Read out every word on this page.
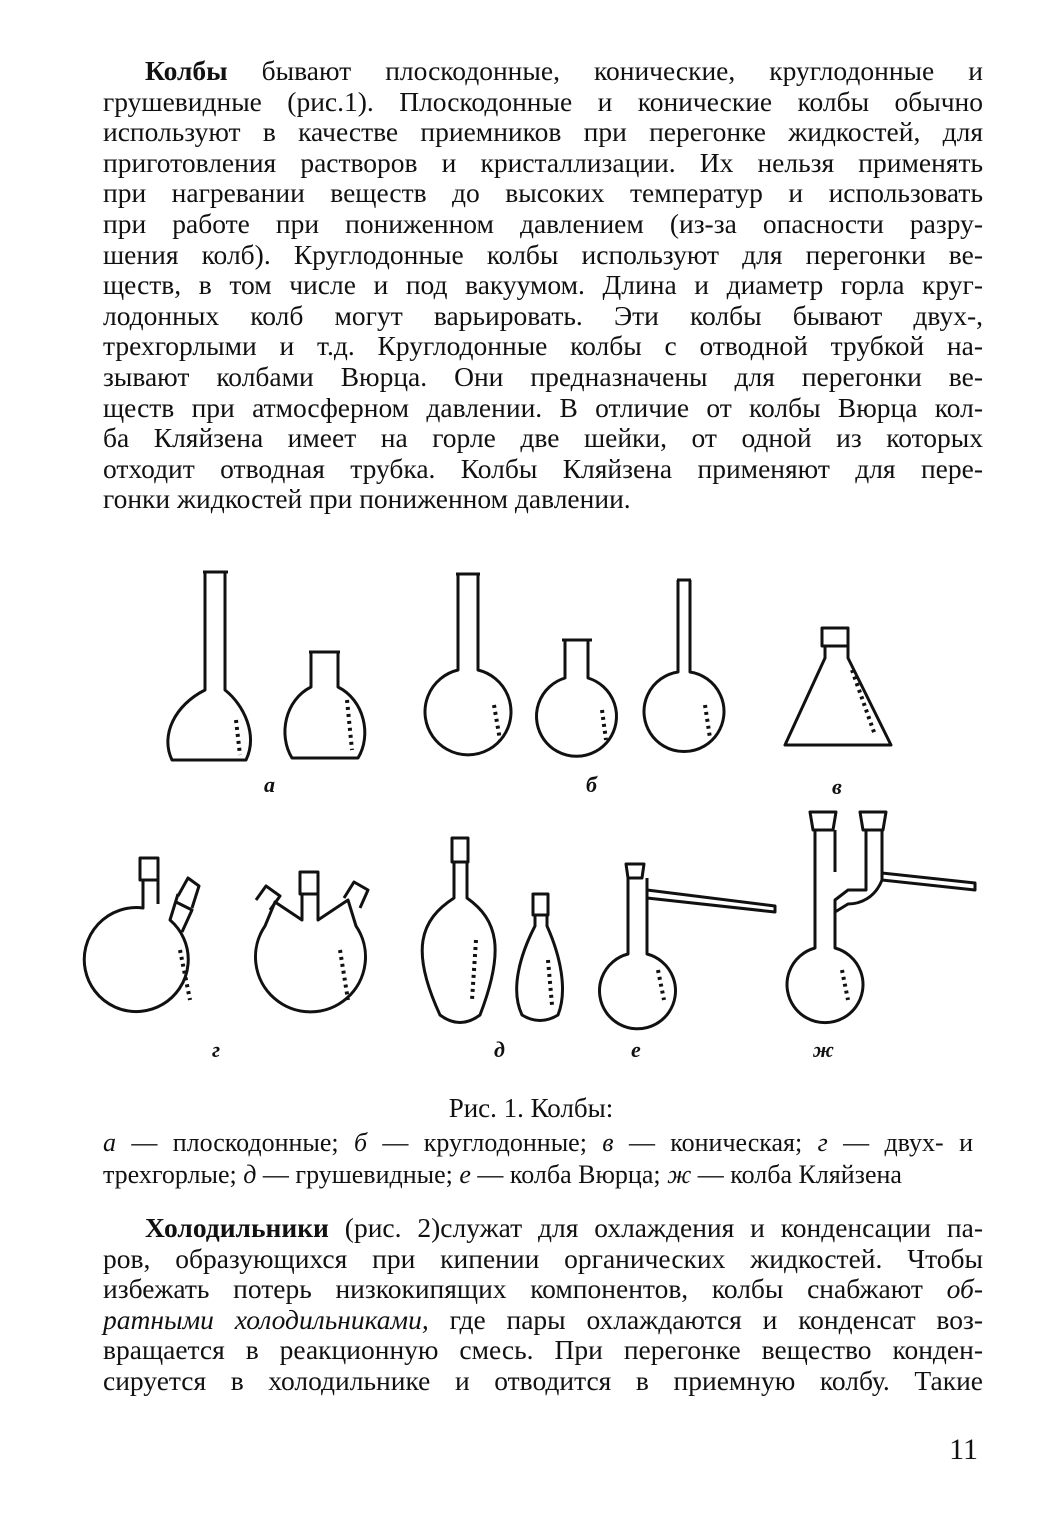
Колбы бывают плоскодонные, конические, круглодонные и
грушевидные (рис.1). Плоскодонные и конические колбы обычно
используют в качестве приемников при перегонке жидкостей, для
приготовления растворов и кристаллизации. Их нельзя применять
при нагревании веществ до высоких температур и использовать
при работе при пониженном давлением (из-за опасности разру-
шения колб). Круглодонные колбы используют для перегонки ве-
ществ, в том числе и под вакуумом. Длина и диаметр горла круг-
лодонных колб могут варьировать. Эти колбы бывают двух-,
трехгорлыми и т.д. Круглодонные колбы с отводной трубкой на-
зывают колбами Вюрца. Они предназначены для перегонки ве-
ществ при атмосферном давлении. В отличие от колбы Вюрца кол-
ба Кляйзена имеет на горле две шейки, от одной из которых
отходит отводная трубка. Колбы Кляйзена применяют для пере-
гонки жидкостей при пониженном давлении.
а	б	в
г	д	е	ж
Рис. 1. Колбы:
а — плоскодонные; б — круглодонные; в — коническая; г — двух- и
трехгорлые; д — грушевидные; е — колба Вюрца; ж — колба Кляйзена
Холодильники (рис. 2)служат для охлаждения и конденсации па-
ров, образующихся при кипении органических жидкостей. Чтобы
избежать потерь низкокипящих компонентов, колбы снабжают об-
ратными холодильниками, где пары охлаждаются и конденсат воз-
вращается в реакционную смесь. При перегонке вещество конден-
сируется в холодильнике и отводится в приемную колбу. Такие
11
